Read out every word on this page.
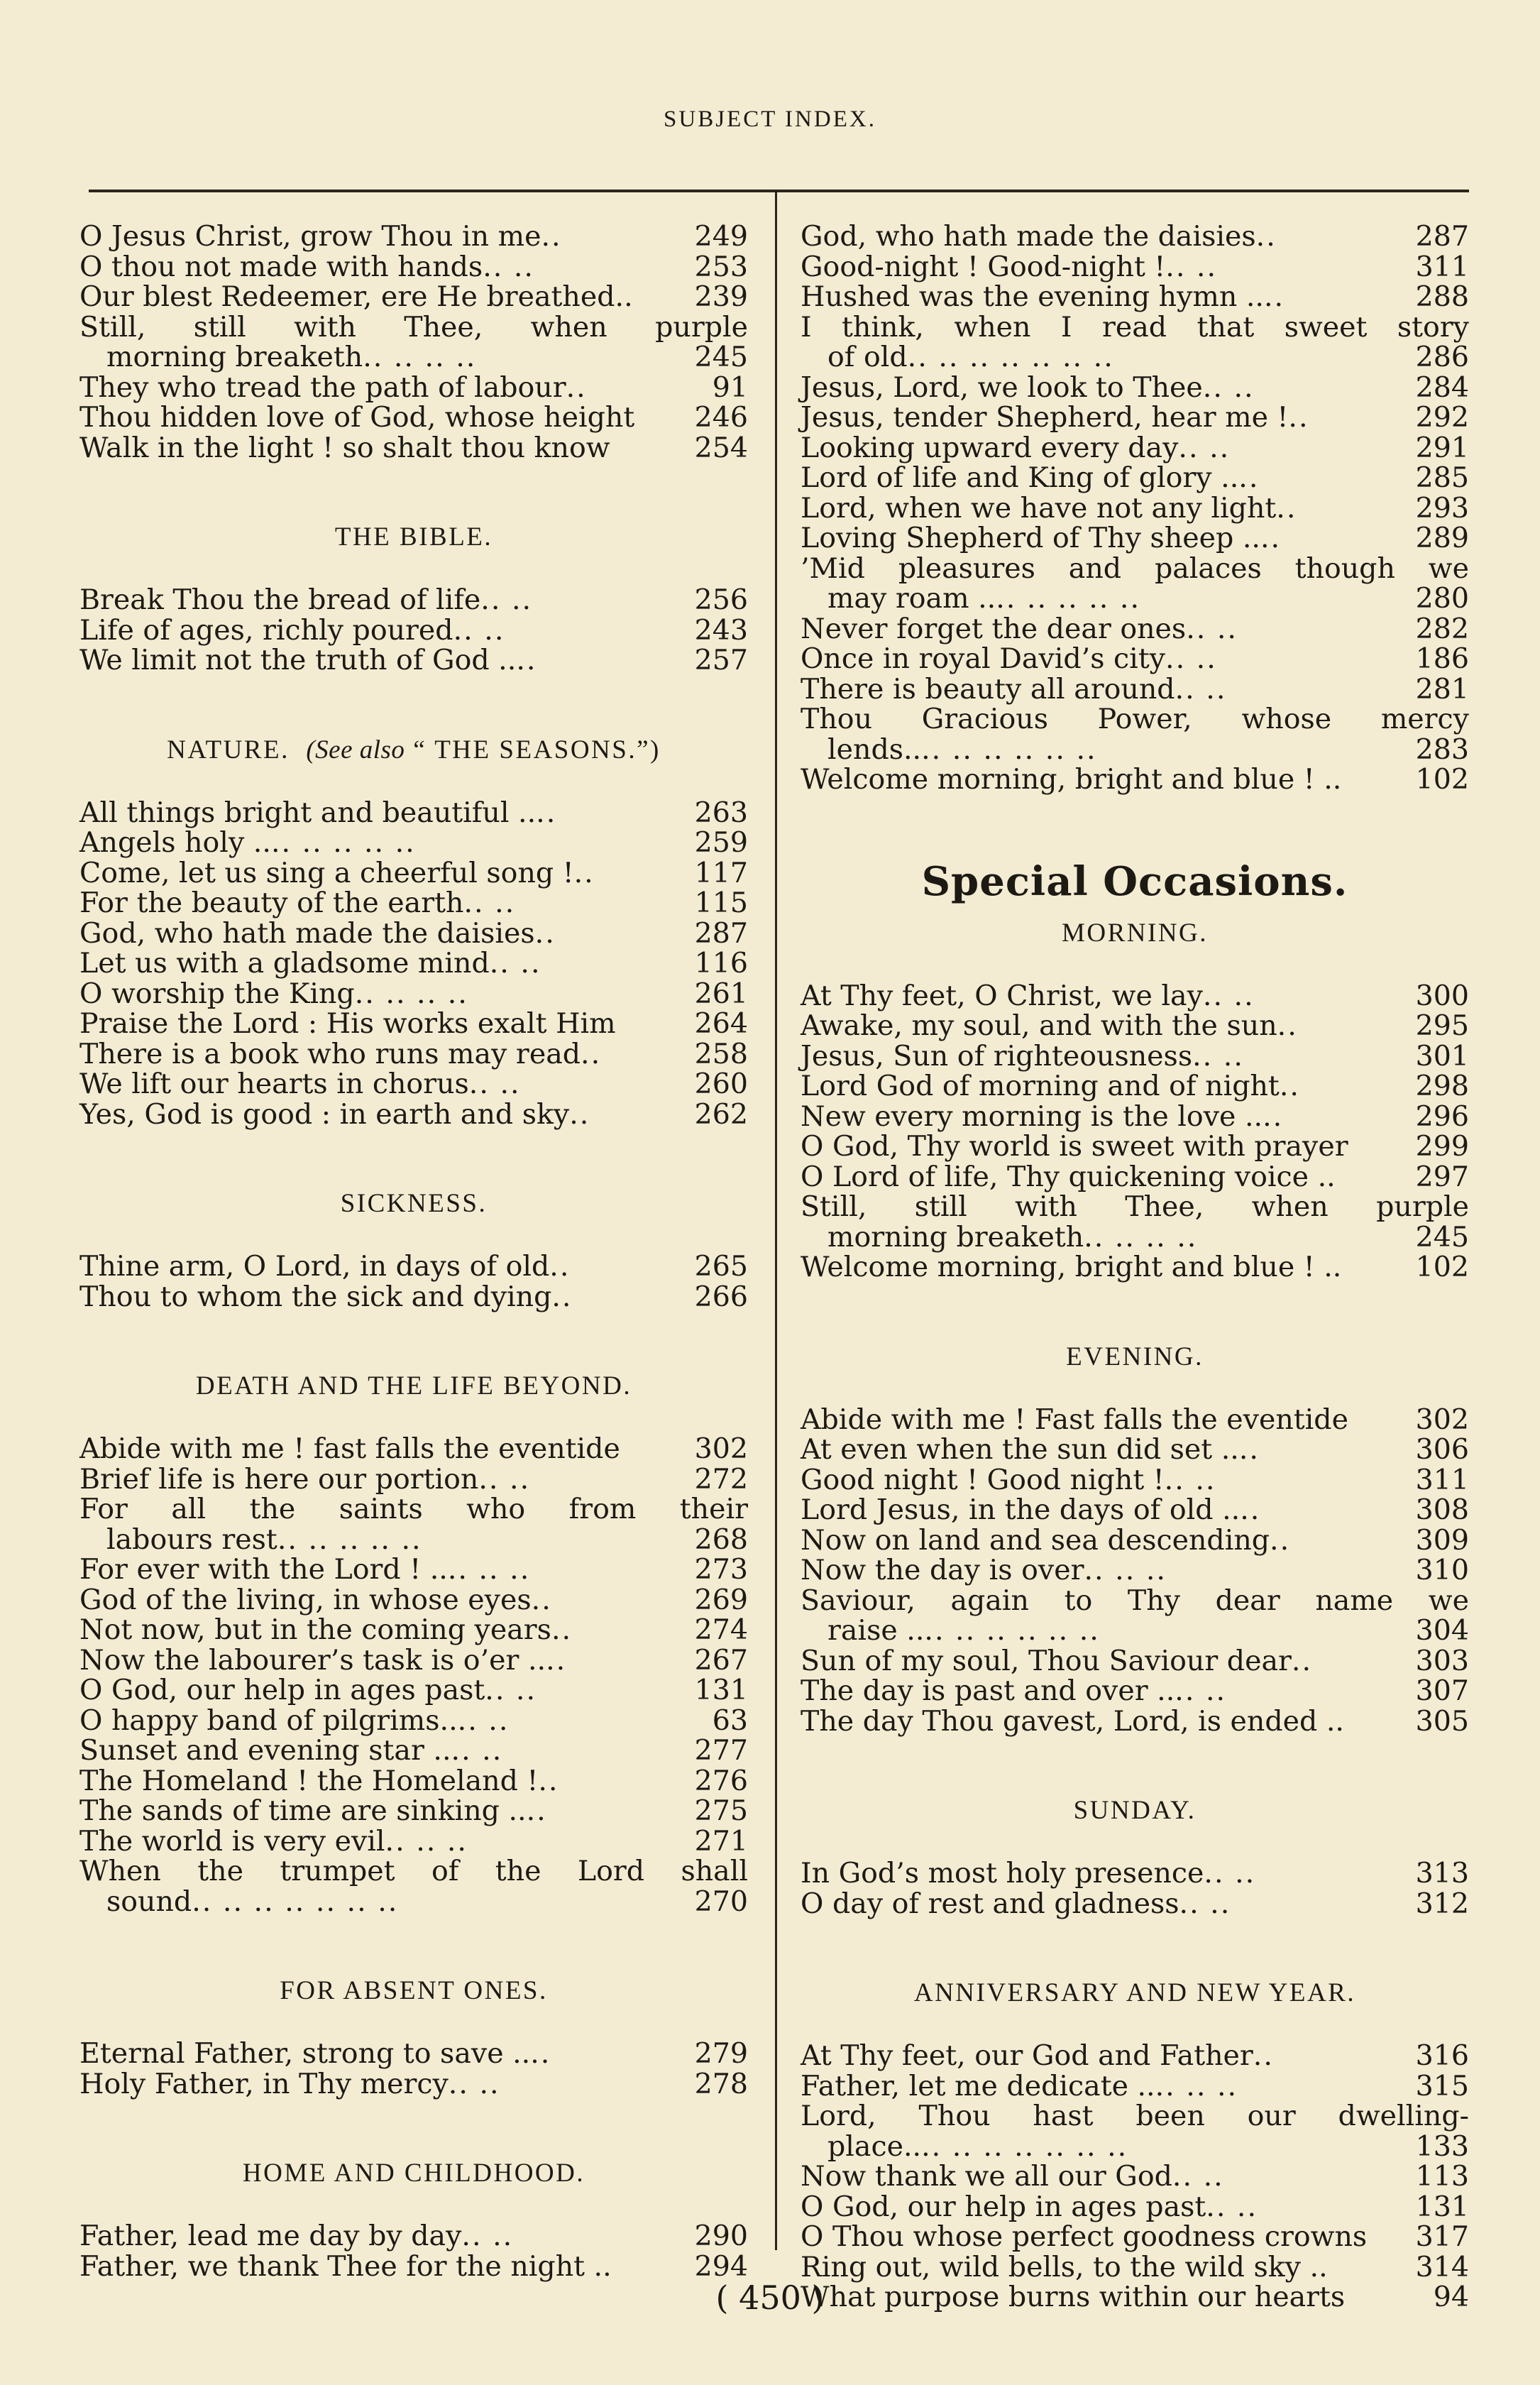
SUBJECT INDEX.
O Jesus Christ, grow Thou in me ..	249
O thou not made with hands .. ..	253
Our blest Redeemer, ere He breathed.. 239
Still, still with Thee, when purple
morning breaketh .. .. .. ..	245
They who tread the path of labour ..	91
Thou hidden love of God, whose height 246
Walk in the light ! so shalt thou know	254
THE BIBLE.
Break Thou the bread of life .. ..	256
Life of ages, richly poured .. ..	243
We limit not the truth of God .. ..	257
NATURE. (See also “ THE SEASONS.”)
All things bright and beautiful .. ..	263
Angels holy .. .. .. .. .. ..	259
Come, let us sing a cheerful song ! ..	117
For the beauty of the earth .. ..	115
God, who hath made the daisies ..	287
Let us with a gladsome mind .. ..	116
O worship the King .. .. .. ..	261
Praise the Lord : His works exalt Him	264
There is a book who runs may read ..	258
We lift our hearts in chorus .. ..	260
Yes, God is good : in earth and sky ..	262
SICKNESS.
Thine arm, O Lord, in days of old ..	265
Thou to whom the sick and dying ..	266
DEATH AND THE LIFE BEYOND.
Abide with me ! fast falls the eventide	302
Brief life is here our portion .. ..	272
For all the saints who from their
labours rest .. .. .. .. ..	268
For ever with the Lord ! .. .. .. ..	273
God of the living, in whose eyes ..	269
Not now, but in the coming years ..	274
Now the labourer’s task is o’er .. ..	267
O God, our help in ages past .. ..	131
O happy band of pilgrims.. .. ..	63
Sunset and evening star .. .. ..	277
The Homeland ! the Homeland ! ..	276
The sands of time are sinking .. ..	275
The world is very evil .. .. ..	271
When the trumpet of the Lord shall
sound .. .. .. .. .. .. ..	270
FOR ABSENT ONES.
Eternal Father, strong to save .. ..	279
Holy Father, in Thy mercy .. ..	278
HOME AND CHILDHOOD.
Father, lead me day by day .. ..	290
Father, we thank Thee for the night ..	294
God, who hath made the daisies ..	287
Good-night ! Good-night ! .. ..	311
Hushed was the evening hymn .. ..	288
I think, when I read that sweet story
of old .. .. .. .. .. .. ..	286
Jesus, Lord, we look to Thee .. ..	284
Jesus, tender Shepherd, hear me ! ..	292
Looking upward every day .. ..	291
Lord of life and King of glory .. ..	285
Lord, when we have not any light ..	293
Loving Shepherd of Thy sheep .. ..	289
’Mid pleasures and palaces though we
may roam .. .. .. .. .. ..	280
Never forget the dear ones .. ..	282
Once in royal David’s city .. ..	186
There is beauty all around .. ..	281
Thou Gracious Power, whose mercy
lends.. .. .. .. .. .. ..	283
Welcome morning, bright and blue ! ..	102
Special Occasions.
MORNING.
At Thy feet, O Christ, we lay .. ..	300
Awake, my soul, and with the sun ..	295
Jesus, Sun of righteousness .. ..	301
Lord God of morning and of night ..	298
New every morning is the love .. ..	296
O God, Thy world is sweet with prayer 299
O Lord of life, Thy quickening voice ..	297
Still, still with Thee, when purple
morning breaketh .. .. .. ..	245
Welcome morning, bright and blue ! ..	102
EVENING.
Abide with me ! Fast falls the eventide 302
At even when the sun did set .. ..	306
Good night ! Good night ! .. ..	311
Lord Jesus, in the days of old .. ..	308
Now on land and sea descending ..	309
Now the day is over .. .. ..	310
Saviour, again to Thy dear name we
raise .. .. .. .. .. .. ..	304
Sun of my soul, Thou Saviour dear ..	303
The day is past and over .. .. ..	307
The day Thou gavest, Lord, is ended ..	305
SUNDAY.
In God’s most holy presence .. ..	313
O day of rest and gladness .. ..	312
ANNIVERSARY AND NEW YEAR.
At Thy feet, our God and Father ..	316
Father, let me dedicate .. .. .. ..	315
Lord, Thou hast been our dwelling-
place.. .. .. .. .. .. .. ..	133
Now thank we all our God .. ..	113
O God, our help in ages past .. ..	131
O Thou whose perfect goodness crowns 317
Ring out, wild bells, to the wild sky ..	314
What purpose burns within our hearts	94
( 450 )
